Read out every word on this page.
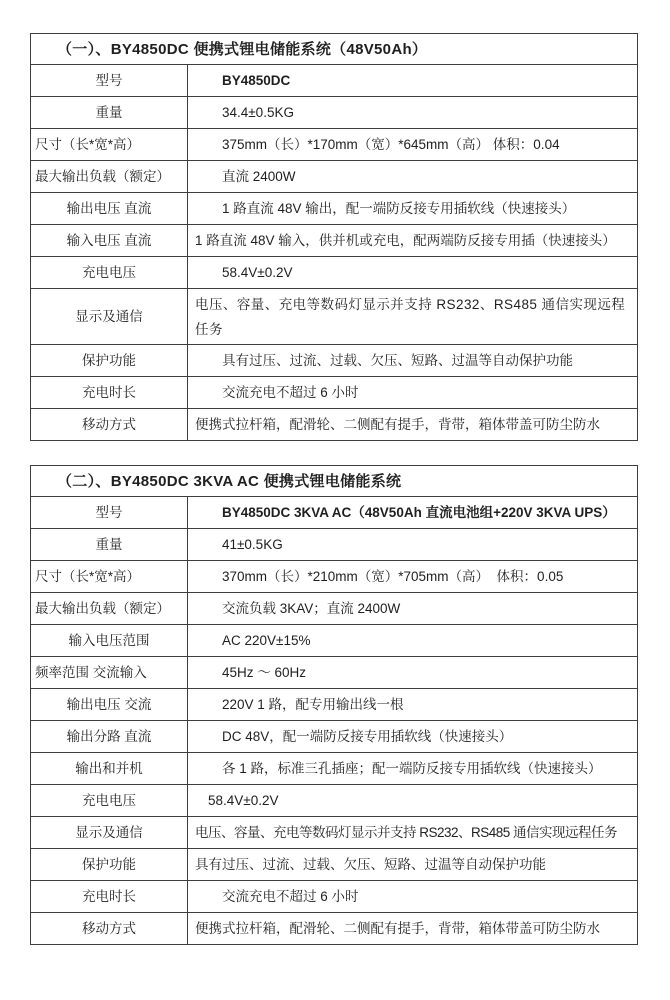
（一）、BY4850DC 便携式锂电储能系统（48V50Ah）	
型号	BY4850DC
重量	34.4±0.5KG
尺寸（长*宽*高）	375mm（长）*170mm（宽）*645mm（高） 体积：0.04
最大输出负载（额定）	直流 2400W
输出电压 直流	1 路直流 48V 输出，配一端防反接专用插软线（快速接头）
输入电压 直流	1 路直流 48V 输入，供并机或充电，配两端防反接专用插（快速接头）
充电电压	58.4V±0.2V
显示及通信	电压、容量、充电等数码灯显示并支持 RS232、RS485 通信实现远程任务
保护功能	具有过压、过流、过载、欠压、短路、过温等自动保护功能
充电时长	交流充电不超过 6 小时
移动方式	便携式拉杆箱，配滑轮、二侧配有提手，背带，箱体带盖可防尘防水
（二）、BY4850DC 3KVA AC 便携式锂电储能系统	
型号	BY4850DC 3KVA AC（48V50Ah 直流电池组+220V 3KVA UPS）
重量	41±0.5KG
尺寸（长*宽*高）	370mm（长）*210mm（宽）*705mm（高）  体积：0.05
最大输出负载（额定）	交流负载 3KAV；直流 2400W
输入电压范围	AC 220V±15%
频率范围 交流输入	45Hz ～ 60Hz
输出电压 交流	220V 1 路，配专用输出线一根
输出分路 直流	DC 48V，配一端防反接专用插软线（快速接头）
输出和并机	各 1 路，标准三孔插座；配一端防反接专用插软线（快速接头）
充电电压	58.4V±0.2V
显示及通信	电压、容量、充电等数码灯显示并支持 RS232、RS485 通信实现远程任务
保护功能	具有过压、过流、过载、欠压、短路、过温等自动保护功能
充电时长	交流充电不超过 6 小时
移动方式	便携式拉杆箱，配滑轮、二侧配有提手，背带，箱体带盖可防尘防水
